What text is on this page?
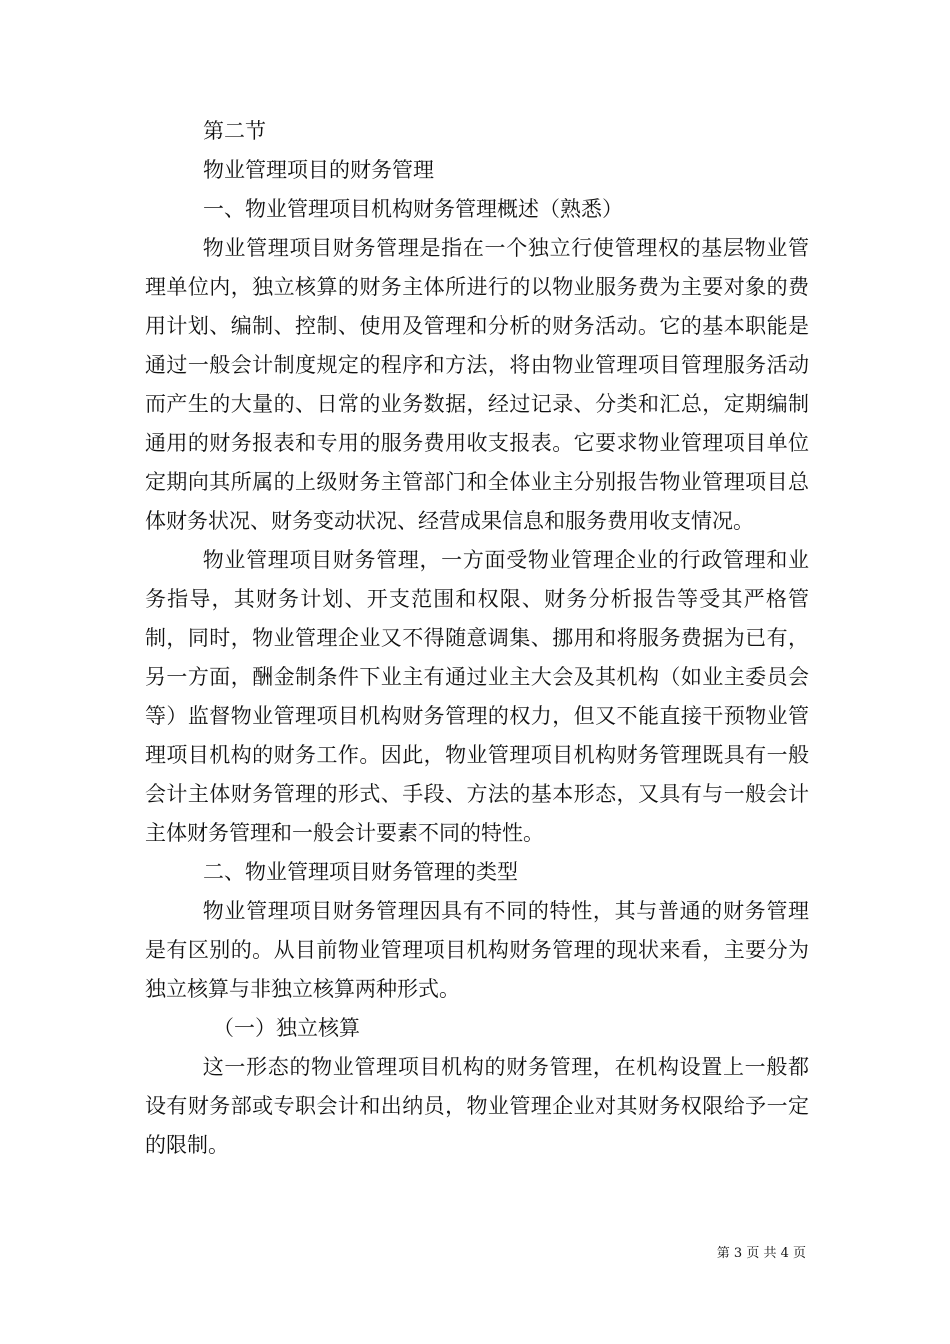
第二节

物业管理项目的财务管理

一、物业管理项目机构财务管理概述（熟悉）

物业管理项目财务管理是指在一个独立行使管理权的基层物业管理单位内，独立核算的财务主体所进行的以物业服务费为主要对象的费用计划、编制、控制、使用及管理和分析的财务活动。它的基本职能是通过一般会计制度规定的程序和方法，将由物业管理项目管理服务活动而产生的大量的、日常的业务数据，经过记录、分类和汇总，定期编制通用的财务报表和专用的服务费用收支报表。它要求物业管理项目单位定期向其所属的上级财务主管部门和全体业主分别报告物业管理项目总体财务状况、财务变动状况、经营成果信息和服务费用收支情况。

物业管理项目财务管理，一方面受物业管理企业的行政管理和业务指导，其财务计划、开支范围和权限、财务分析报告等受其严格管制，同时，物业管理企业又不得随意调集、挪用和将服务费据为已有，另一方面，酬金制条件下业主有通过业主大会及其机构（如业主委员会等）监督物业管理项目机构财务管理的权力，但又不能直接干预物业管理项目机构的财务工作。因此，物业管理项目机构财务管理既具有一般会计主体财务管理的形式、手段、方法的基本形态，又具有与一般会计主体财务管理和一般会计要素不同的特性。

二、物业管理项目财务管理的类型

物业管理项目财务管理因具有不同的特性，其与普通的财务管理是有区别的。从目前物业管理项目机构财务管理的现状来看，主要分为独立核算与非独立核算两种形式。

（一）独立核算

这一形态的物业管理项目机构的财务管理，在机构设置上一般都设有财务部或专职会计和出纳员，物业管理企业对其财务权限给予一定的限制。

第 3 页 共 4 页
